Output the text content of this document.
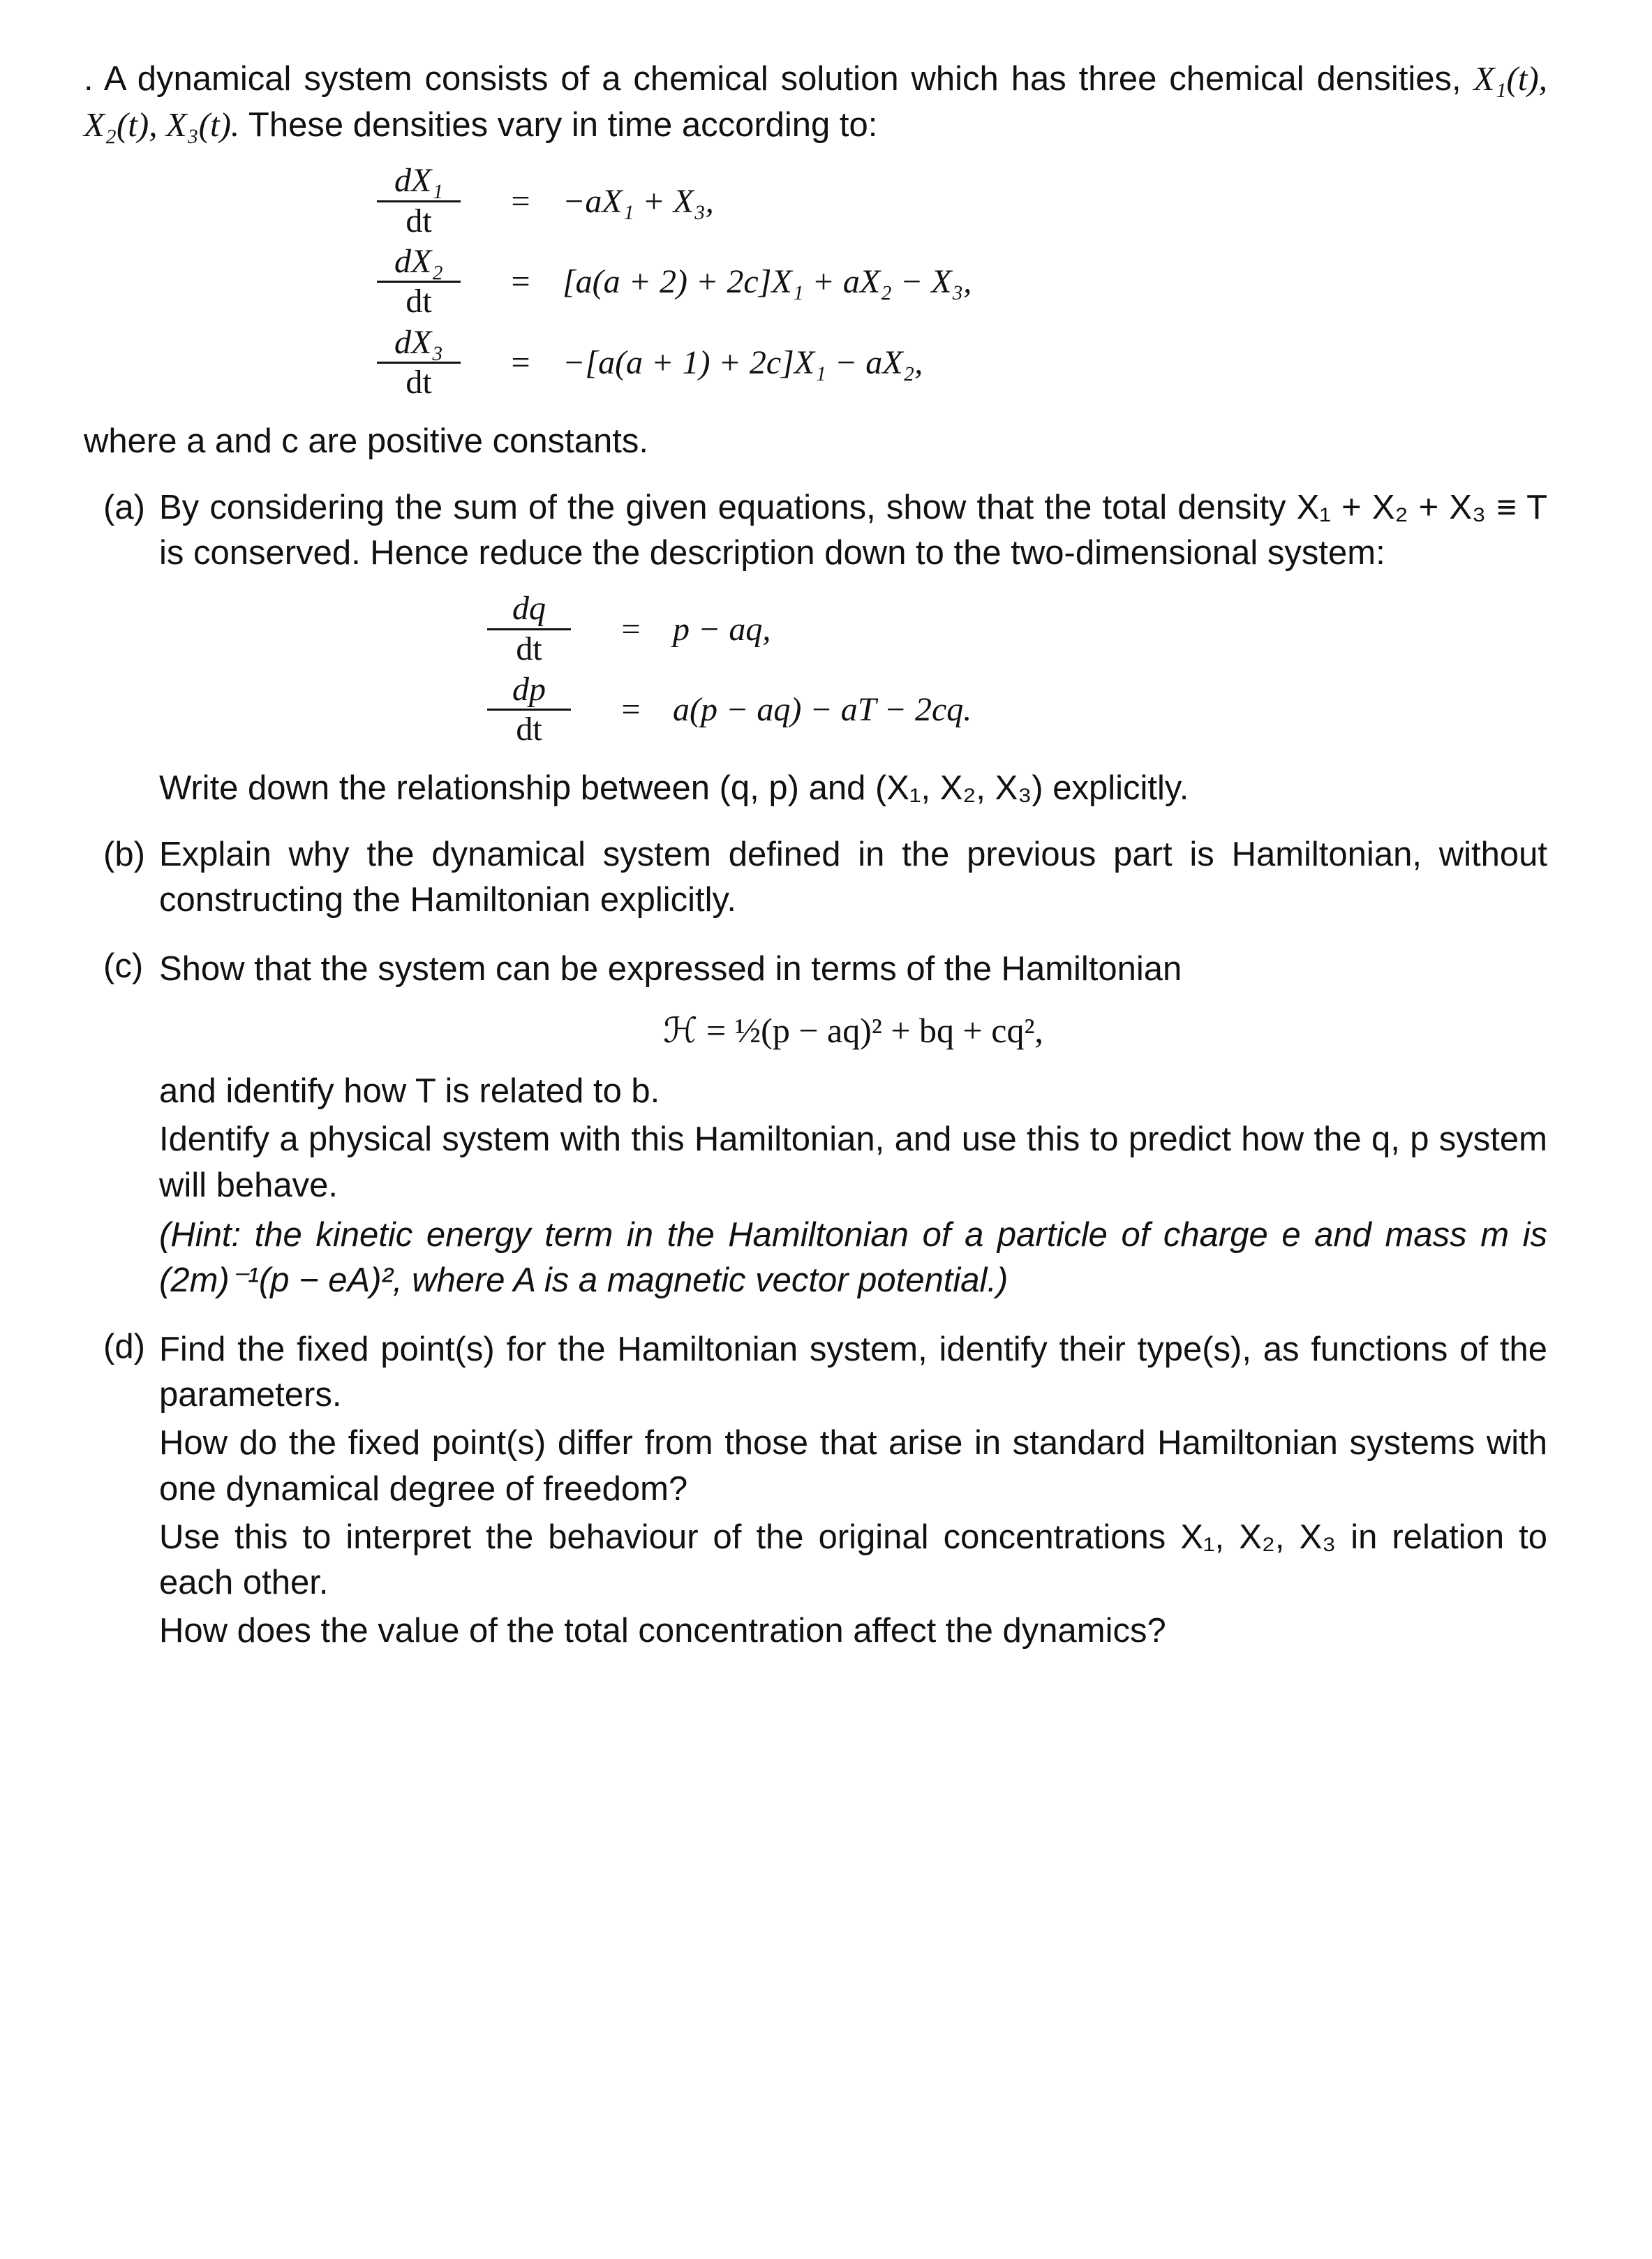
. A dynamical system consists of a chemical solution which has three chemical densities, X₁(t), X₂(t), X₃(t). These densities vary in time according to:
$\frac{\text{dX₁}}{dt}$	= −aX₁ + X₃,
$\frac{\text{dX₂}}{dt}$	= [a(a + 2) + 2c]X₁ + aX₂ − X₃,
$\frac{\text{dX₃}}{dt}$	= −[a(a + 1) + 2c]X₁ − aX₂,
where a and c are positive constants.
(a) By considering the sum of the given equations, show that the total density X₁ + X₂ + X₃ ≡ T is conserved. Hence reduce the description down to the two-dimensional system:
$\frac{dq}{dt}$	= p − aq,
$\frac{dp}{dt}$	= a(p − aq) − aT − 2cq.
Write down the relationship between (q, p) and (X₁, X₂, X₃) explicitly.
(b) Explain why the dynamical system defined in the previous part is Hamiltonian, without constructing the Hamiltonian explicitly.
(c) Show that the system can be expressed in terms of the Hamiltonian
ℋ = ½(p − aq)² + bq + cq²,
and identify how T is related to b.
Identify a physical system with this Hamiltonian, and use this to predict how the q, p system will behave.
(Hint: the kinetic energy term in the Hamiltonian of a particle of charge e and mass m is (2m)⁻¹(p − eA)², where A is a magnetic vector potential.)
(d) Find the fixed point(s) for the Hamiltonian system, identify their type(s), as functions of the parameters.
How do the fixed point(s) differ from those that arise in standard Hamiltonian systems with one dynamical degree of freedom?
Use this to interpret the behaviour of the original concentrations X₁, X₂, X₃ in relation to each other.
How does the value of the total concentration affect the dynamics?
